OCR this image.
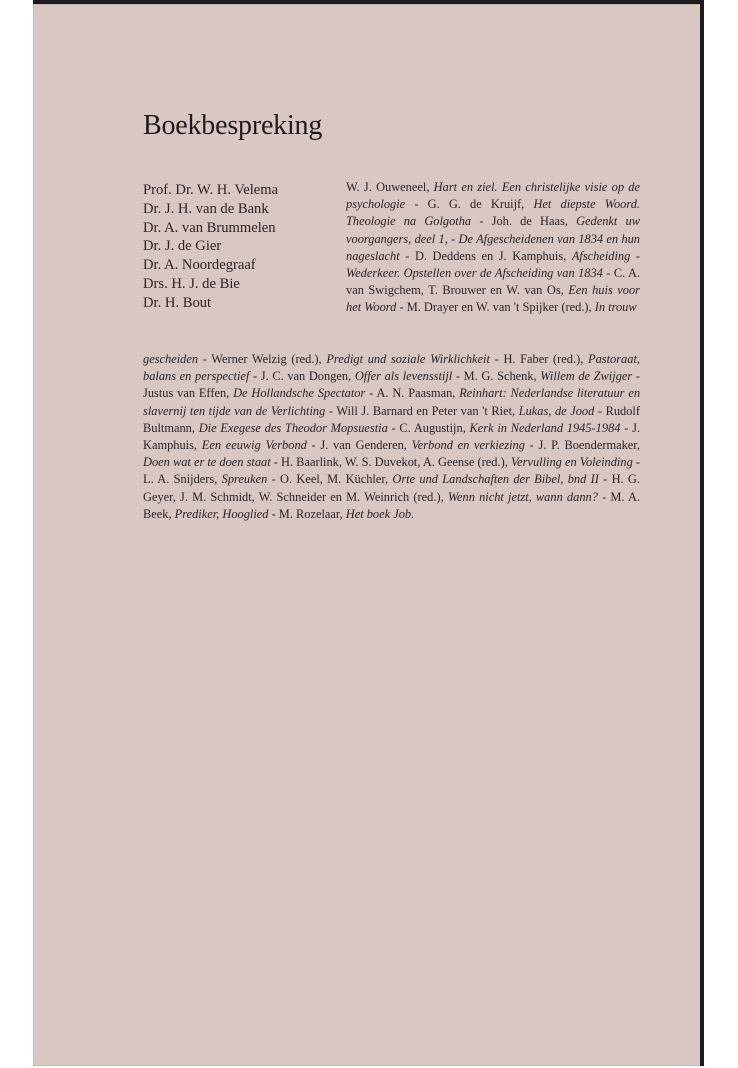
Boekbespreking
Prof. Dr. W. H. Velema
Dr. J. H. van de Bank
Dr. A. van Brummelen
Dr. J. de Gier
Dr. A. Noordegraaf
Drs. H. J. de Bie
Dr. H. Bout
W. J. Ouweneel, Hart en ziel. Een christelijke visie op de psychologie - G. G. de Kruijf, Het diepste Woord. Theologie na Golgotha - Joh. de Haas, Gedenkt uw voorgangers, deel 1, - De Afgescheidenen van 1834 en hun nageslacht - D. Deddens en J. Kamphuis, Afscheiding - Wederkeer. Opstellen over de Afscheiding van 1834 - C. A. van Swigchem, T. Brouwer en W. van Os, Een huis voor het Woord - M. Drayer en W. van 't Spijker (red.), In trouw
gescheiden - Werner Welzig (red.), Predigt und soziale Wirklichkeit - H. Faber (red.), Pastoraat, balans en perspectief - J. C. van Dongen, Offer als levensstijl - M. G. Schenk, Willem de Zwijger - Justus van Effen, De Hollandsche Spectator - A. N. Paasman, Reinhart: Nederlandse literatuur en slavernij ten tijde van de Verlichting - Will J. Barnard en Peter van 't Riet, Lukas, de Jood - Rudolf Bultmann, Die Exegese des Theodor Mopsuestia - C. Augustijn, Kerk in Nederland 1945-1984 - J. Kamphuis, Een eeuwig Verbond - J. van Genderen, Verbond en verkiezing - J. P. Boendermaker, Doen wat er te doen staat - H. Baarlink, W. S. Duvekot, A. Geense (red.), Vervulling en Voleinding - L. A. Snijders, Spreuken - O. Keel, M. Küchler, Orte und Landschaften der Bibel, bnd II - H. G. Geyer, J. M. Schmidt, W. Schneider en M. Weinrich (red.), Wenn nicht jetzt, wann dann? - M. A. Beek, Prediker, Hooglied - M. Rozelaar, Het boek Job.
